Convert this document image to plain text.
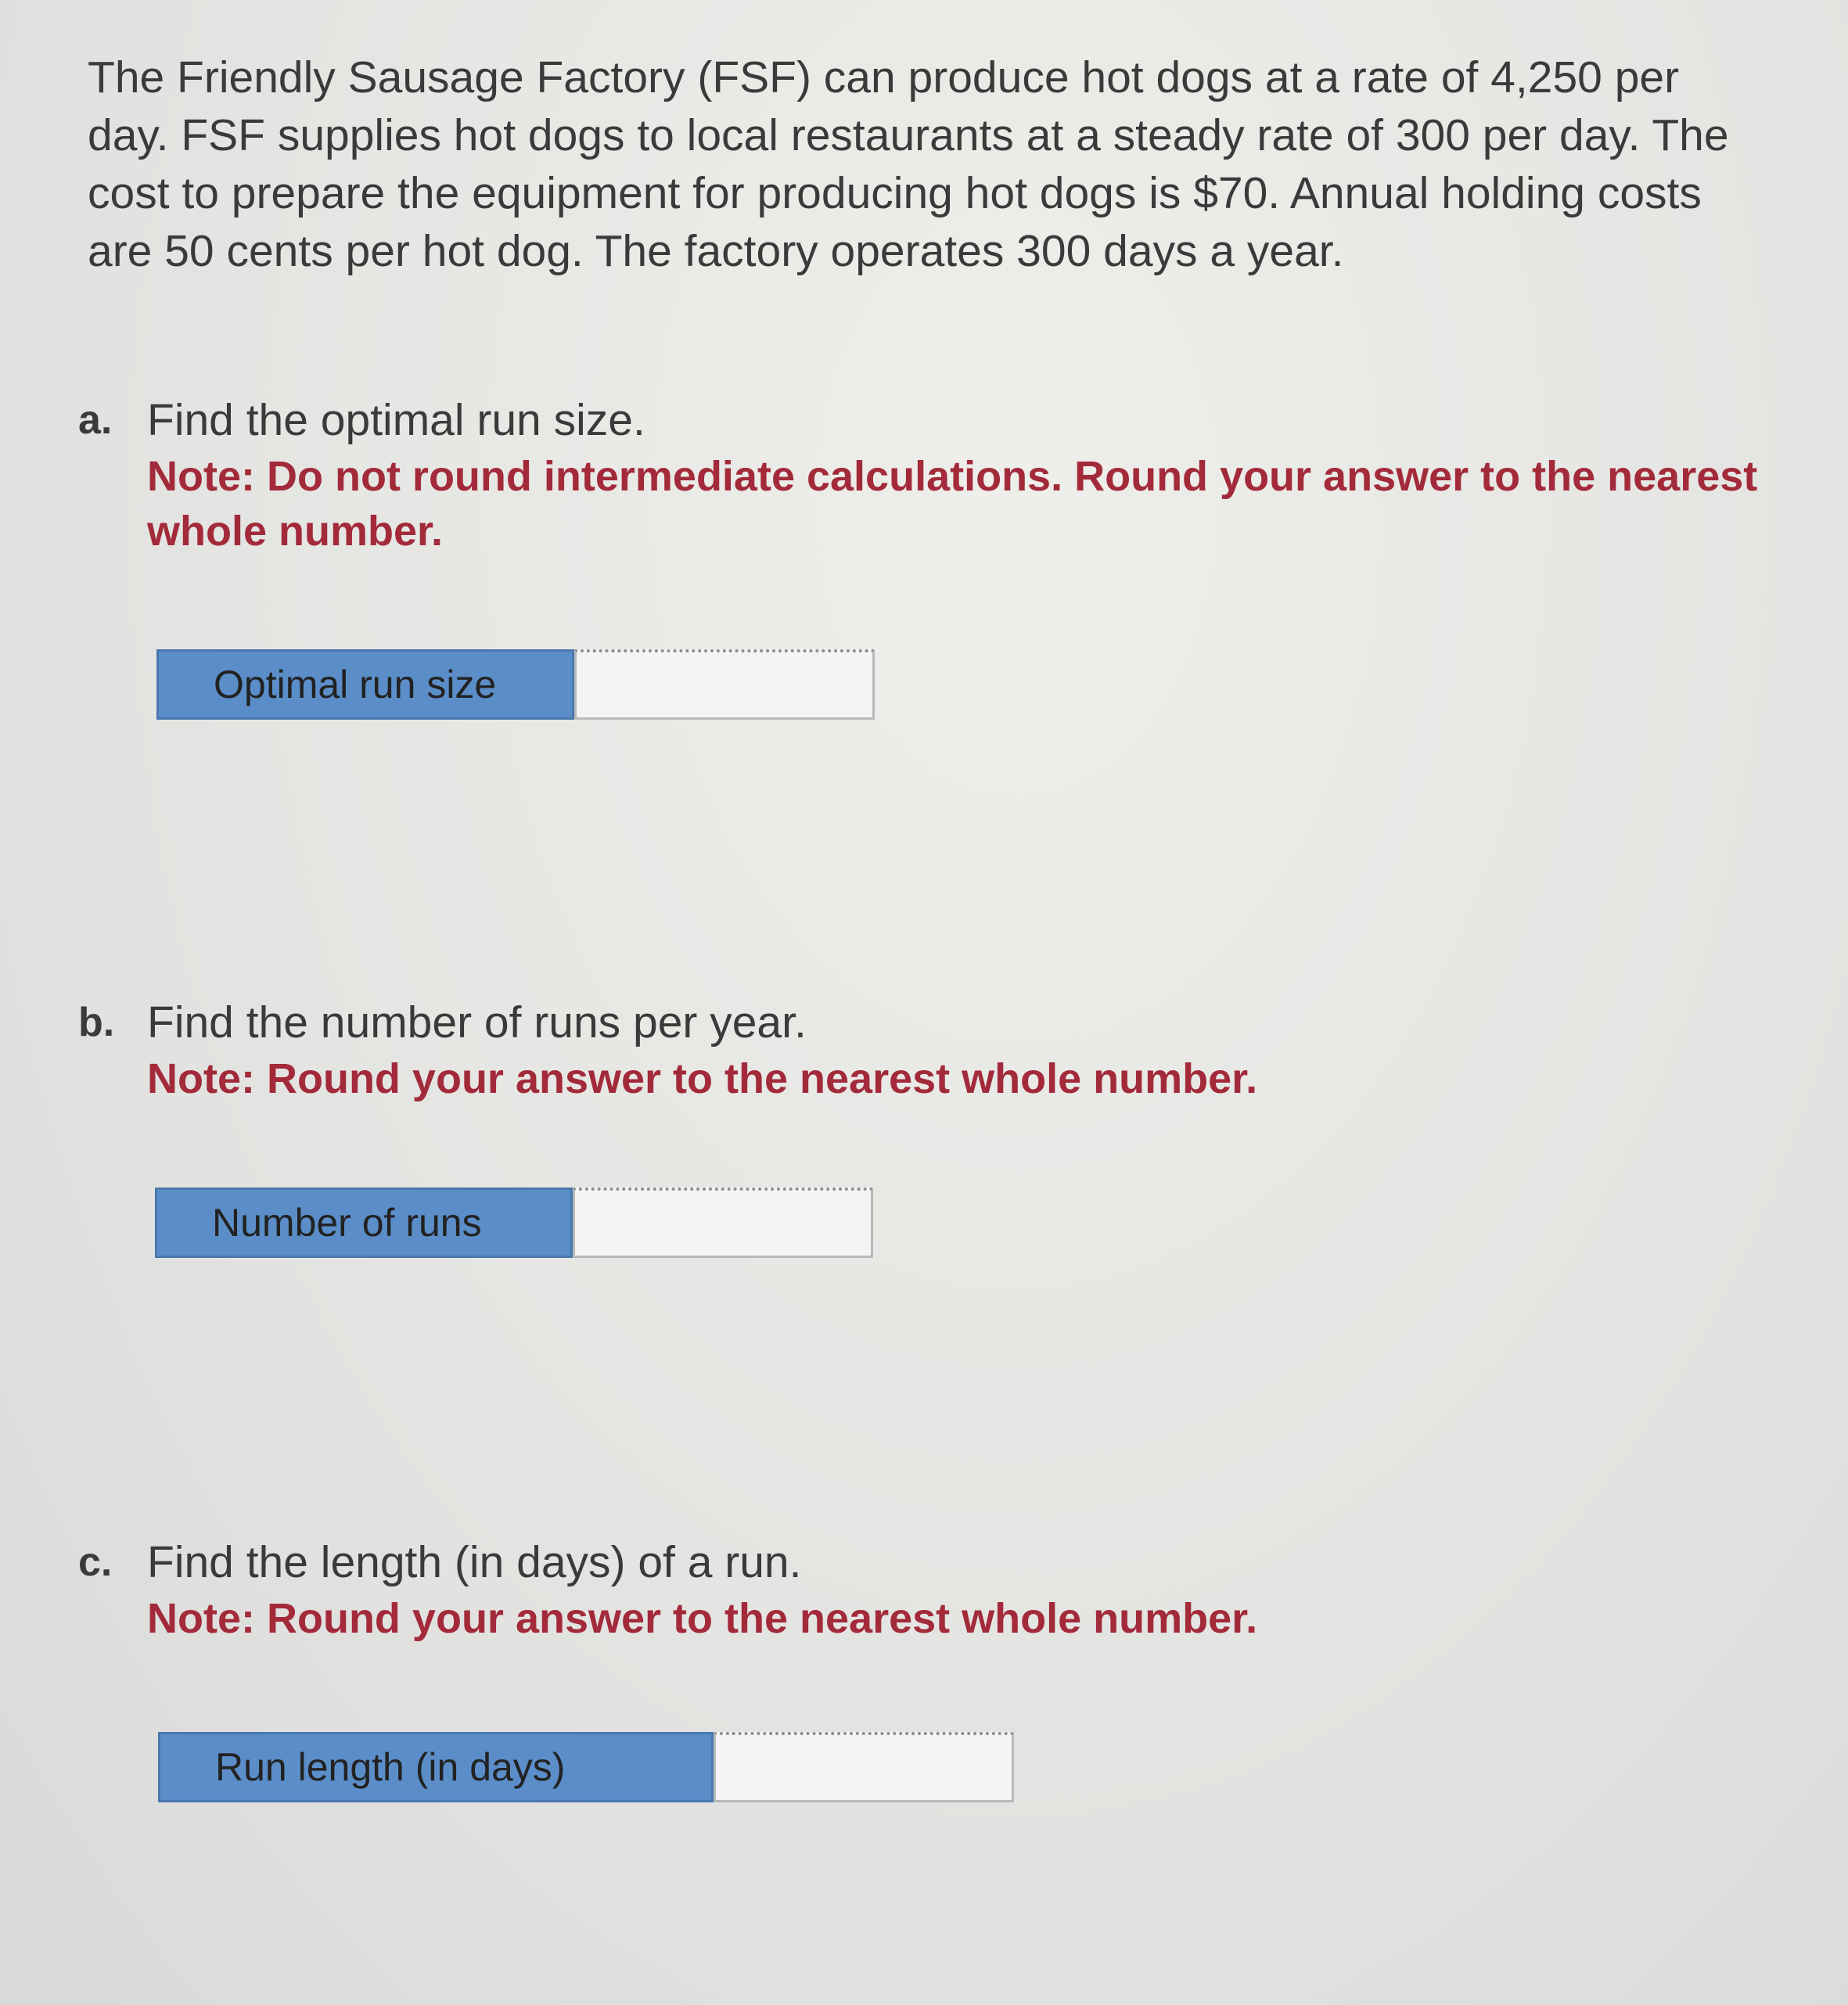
The Friendly Sausage Factory (FSF) can produce hot dogs at a rate of 4,250 per day. FSF supplies hot dogs to local restaurants at a steady rate of 300 per day. The cost to prepare the equipment for producing hot dogs is $70. Annual holding costs are 50 cents per hot dog. The factory operates 300 days a year.

a. Find the optimal run size.

Note: Do not round intermediate calculations. Round your answer to the nearest whole number.

Optimal run size
b. Find the number of runs per year.

Note: Round your answer to the nearest whole number.

Number of runs
c. Find the length (in days) of a run.

Note: Round your answer to the nearest whole number.

Run length (in days)
